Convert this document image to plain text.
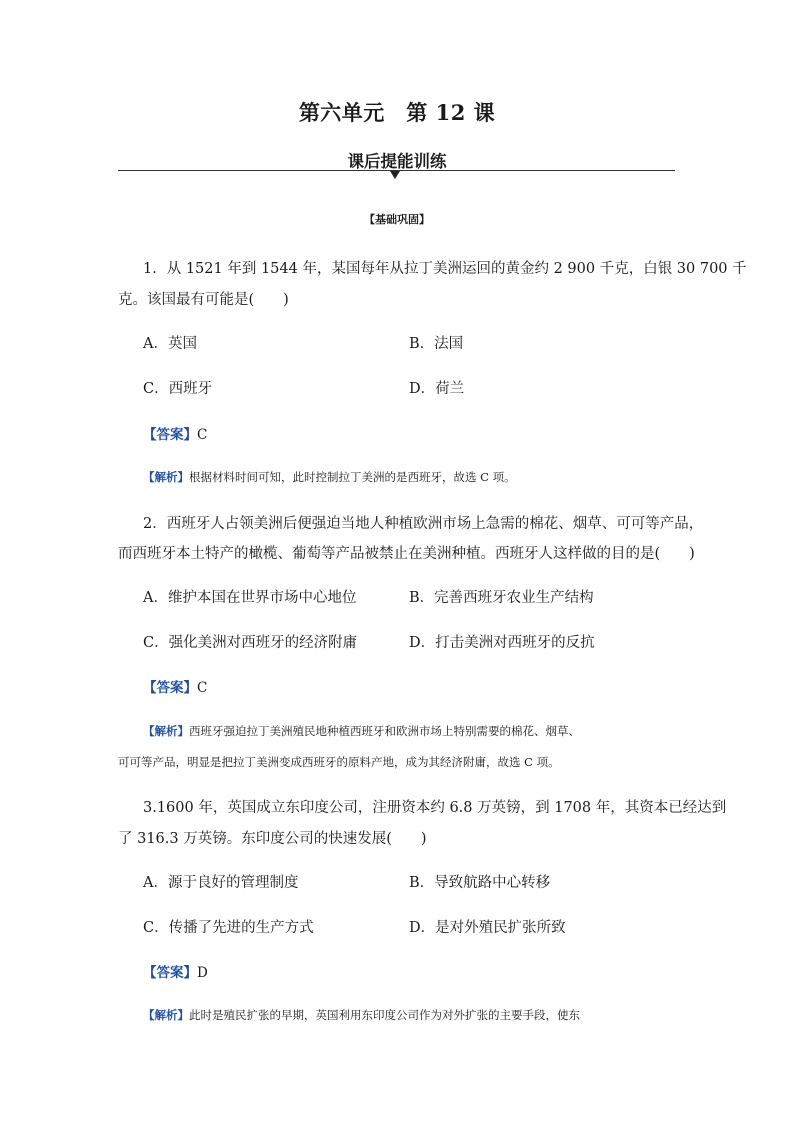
第六单元　第 12 课
课后提能训练
【基础巩固】
1．从 1521 年到 1544 年，某国每年从拉丁美洲运回的黄金约 2 900 千克，白银 30 700 千
克。该国最有可能是(　　)
A．英国	B．法国
C．西班牙	D．荷兰
【答案】C
【解析】根据材料时间可知，此时控制拉丁美洲的是西班牙，故选 C 项。
2．西班牙人占领美洲后便强迫当地人种植欧洲市场上急需的棉花、烟草、可可等产品，
而西班牙本土特产的橄榄、葡萄等产品被禁止在美洲种植。西班牙人这样做的目的是(　　)
A．维护本国在世界市场中心地位	B．完善西班牙农业生产结构
C．强化美洲对西班牙的经济附庸	D．打击美洲对西班牙的反抗
【答案】C
【解析】西班牙强迫拉丁美洲殖民地种植西班牙和欧洲市场上特别需要的棉花、烟草、
可可等产品，明显是把拉丁美洲变成西班牙的原料产地，成为其经济附庸，故选 C 项。
3.1600 年，英国成立东印度公司，注册资本约 6.8 万英镑，到 1708 年，其资本已经达到
了 316.3 万英镑。东印度公司的快速发展(　　)
A．源于良好的管理制度	B．导致航路中心转移
C．传播了先进的生产方式	D．是对外殖民扩张所致
【答案】D
【解析】此时是殖民扩张的早期，英国利用东印度公司作为对外扩张的主要手段，使东
